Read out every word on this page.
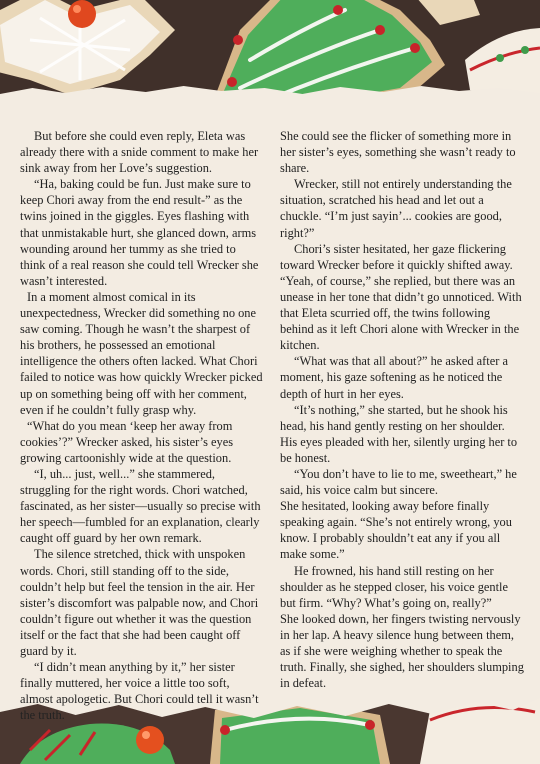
But before she could even reply, Eleta was already there with a snide comment to make her sink away from her Love’s suggestion.

“Ha, baking could be fun. Just make sure to keep Chori away from the end result-” as the twins joined in the giggles. Eyes flashing with that unmistakable hurt, she glanced down, arms wounding around her tummy as she tried to think of a real reason she could tell Wrecker she wasn’t interested.

In a moment almost comical in its unexpectedness, Wrecker did something no one saw coming. Though he wasn’t the sharpest of his brothers, he possessed an emotional intelligence the others often lacked. What Chori failed to notice was how quickly Wrecker picked up on something being off with her comment, even if he couldn’t fully grasp why.

“What do you mean ‘keep her away from cookies’?” Wrecker asked, his sister’s eyes growing cartoonishly wide at the question.

“I, uh... just, well...” she stammered, struggling for the right words. Chori watched, fascinated, as her sister—usually so precise with her speech—fumbled for an explanation, clearly caught off guard by her own remark.

The silence stretched, thick with unspoken words. Chori, still standing off to the side, couldn’t help but feel the tension in the air. Her sister’s discomfort was palpable now, and Chori couldn’t figure out whether it was the question itself or the fact that she had been caught off guard by it.

“I didn’t mean anything by it,” her sister finally muttered, her voice a little too soft, almost apologetic. But Chori could tell it wasn’t the truth.

She could see the flicker of something more in her sister’s eyes, something she wasn’t ready to share.

Wrecker, still not entirely understanding the situation, scratched his head and let out a chuckle. “I’m just sayin’... cookies are good, right?”

Chori’s sister hesitated, her gaze flickering toward Wrecker before it quickly shifted away. “Yeah, of course,” she replied, but there was an unease in her tone that didn’t go unnoticed. With that Eleta scurried off, the twins following behind as it left Chori alone with Wrecker in the kitchen.

“What was that all about?” he asked after a moment, his gaze softening as he noticed the depth of hurt in her eyes.

“It’s nothing,” she started, but he shook his head, his hand gently resting on her shoulder. His eyes pleaded with her, silently urging her to be honest.

“You don’t have to lie to me, sweetheart,” he said, his voice calm but sincere.

She hesitated, looking away before finally speaking again. “She’s not entirely wrong, you know. I probably shouldn’t eat any if you all make some.”

He frowned, his hand still resting on her shoulder as he stepped closer, his voice gentle but firm. “Why? What’s going on, really?”

She looked down, her fingers twisting nervously in her lap. A heavy silence hung between them, as if she were weighing whether to speak the truth. Finally, she sighed, her shoulders slumping in defeat.
